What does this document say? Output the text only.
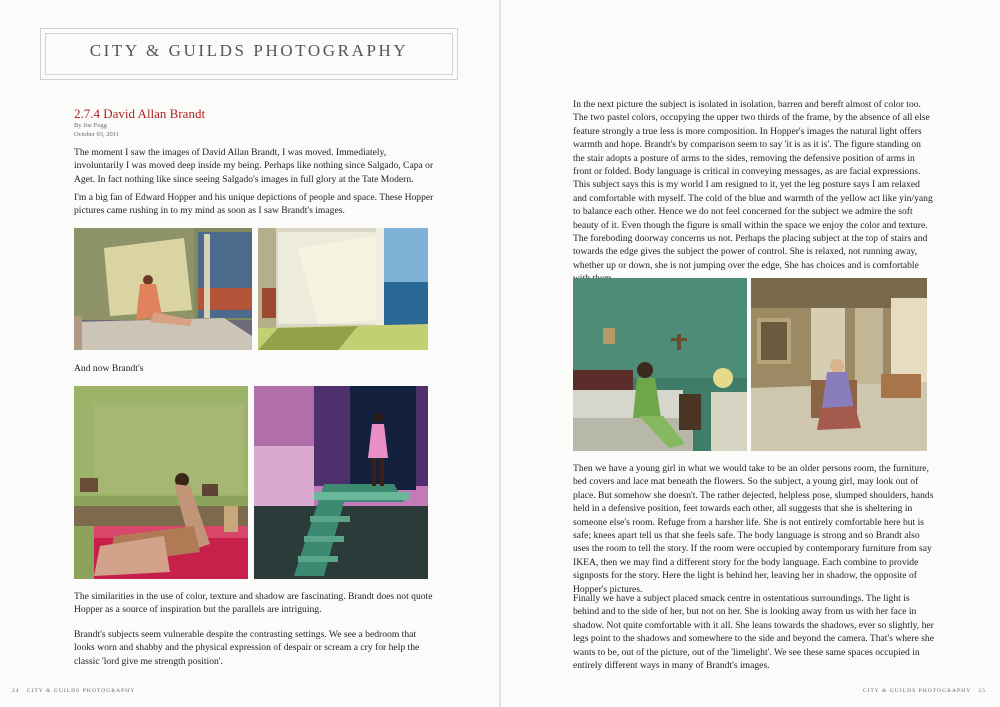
CITY & GUILDS PHOTOGRAPHY
2.7.4 David Allan Brandt
By Joe Fogg
October 03, 2011

The moment I saw the images of David Allan Brandt, I was moved. Immediately, involuntarily I was moved deep inside my being. Perhaps like nothing since Salgado, Capa or Aget. In fact nothing like since seeing Salgado's images in full glory at the Tate Modern.

I'm a big fan of Edward Hopper and his unique depictions of people and space. These Hopper pictures came rushing in to my mind as soon as I saw Brandt's images.

And now Brandt's

The similarities in the use of color, texture and shadow are fascinating. Brandt does not quote Hopper as a source of inspiration but the parallels are intriguing.

Brandt's subjects seem vulnerable despite the contrasting settings. We see a bedroom that looks worn and shabby and the physical expression of despair or scream a cry for help the classic 'lord give me strength position'.

24 CITY & GUILDS PHOTOGRAPHY

In the next picture the subject is isolated in isolation, barren and bereft almost of color too. The two pastel colors, occupying the upper two thirds of the frame, by the absence of all else feature strongly a true less is more composition. In Hopper's images the natural light offers warmth and hope. Brandt's by comparison seem to say 'it is as it is'. The figure standing on the stair adopts a posture of arms to the sides, removing the defensive position of arms in front or folded. Body language is critical in conveying messages, as are facial expressions. This subject says this is my world I am resigned to it, yet the leg posture says I am relaxed and comfortable with myself. The cold of the blue and warmth of the yellow act like yin/yang to balance each other. Hence we do not feel concerned for the subject we admire the soft beauty of it. Even though the figure is small within the space we enjoy the color and texture. The foreboding doorway concerns us not. Perhaps the placing subject at the top of stairs and towards the edge gives the subject the power of control. She is relaxed, not running away, whether up or down, she is not jumping over the edge, She has choices and is comfortable

Then we have a young girl in what we would take to be an older persons room, the furniture, bed covers and lace mat beneath the flowers. So the subject, a young girl, may look out of place. But somehow she doesn't. The rather dejected, helpless pose, slumped shoulders, hands held in a defensive position, feet towards each other, all suggests that she is sheltering in someone else's room. Refuge from a harsher life. She is not entirely comfortable here but is safe; knees apart tell us that she feels safe. The body language is strong and so Brandt also uses the room to tell the story. If the room were occupied by contemporary furniture from say IKEA, then we may find a different story for the body language. Each combine to provide signposts for the story. Here the light is behind her, leaving her in shadow, the opposite of Hopper's pictures.

Finally we have a subject placed smack centre in ostentatious surroundings. The light is behind and to the side of her, but not on her. She is looking away from us with her face in shadow. Not quite comfortable with it all. She leans towards the shadows, ever so slightly, her legs point to the shadows and somewhere to the side and beyond the camera. That's where she wants to be, out of the picture, out of the 'limelight'. We see these same spaces occupied in entirely different ways in many of Brandt's images.

CITY & GUILDS PHOTOGRAPHY 25
